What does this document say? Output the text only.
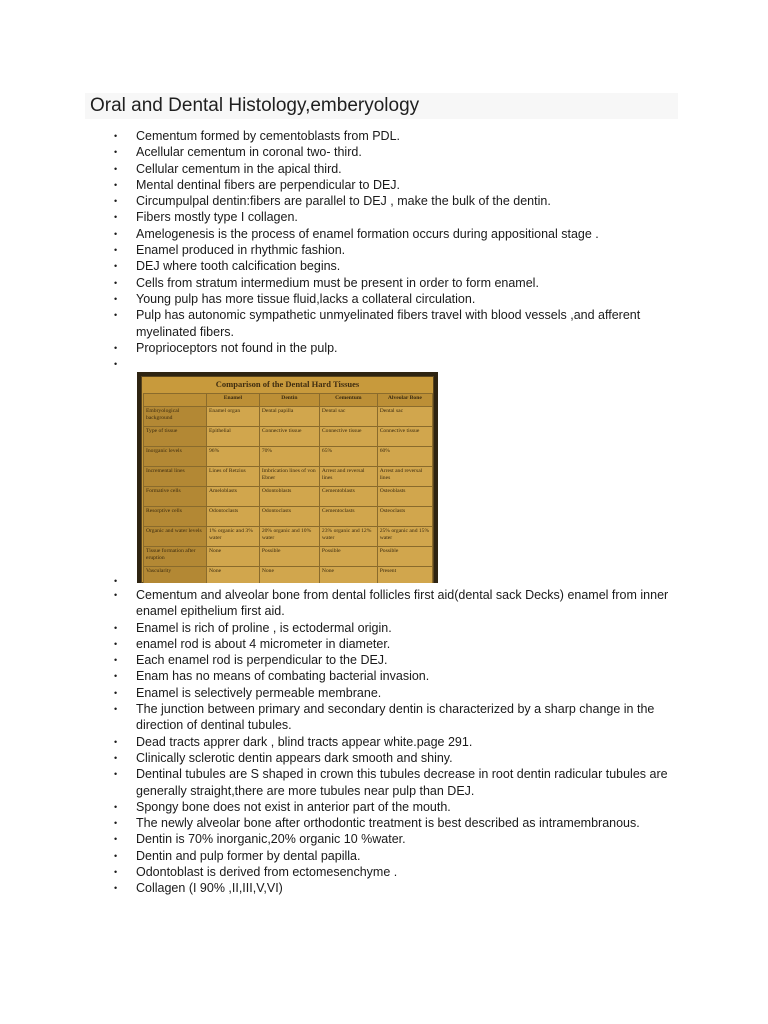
Oral and Dental Histology,emberyology
• Cementum formed by cementoblasts from PDL.
• Acellular cementum in coronal two- third.
• Cellular cementum in the apical third.
• Mental dentinal fibers are perpendicular to DEJ.
• Circumpulpal dentin:fibers are parallel to DEJ , make the bulk of the dentin.
• Fibers mostly type I collagen.
• Amelogenesis is the process of enamel formation occurs during appositional stage .
• Enamel produced in rhythmic fashion.
• DEJ where tooth calcification begins.
• Cells from stratum intermedium must be present in order to form enamel.
• Young pulp has more tissue fluid,lacks a collateral circulation.
• Pulp has autonomic sympathetic unmyelinated fibers travel with blood vessels ,and afferent myelinated fibers.
• Proprioceptors not found in the pulp.
•
Comparison of the Dental Hard Tissues
	Enamel	Dentin	Cementum	Alveolar Bone
Embryological background	Enamel organ	Dental papilla	Dental sac	Dental sac
Type of tissue	Epithelial	Connective tissue	Connective tissue	Connective tissue
Inorganic levels	96%	70%	65%	60%
Incremental lines	Lines of Retzius	Imbrication lines of von Ebner	Arrest and reversal lines	Arrest and reversal lines
Formative cells	Ameloblasts	Odontoblasts	Cementoblasts	Osteoblasts
Resorptive cells	Odontoclasts	Odontoclasts	Cementoclasts	Osteoclasts
Organic and water levels	1% organic and 3% water	20% organic and 10% water	23% organic and 12% water	25% organic and 15% water
Tissue formation after eruption	None	Possible	Possible	Possible
Vascularity	None	None	None	Present

•
• Cementum and alveolar bone from dental follicles first aid(dental sack Decks) enamel from inner enamel epithelium first aid.
• Enamel is rich of proline , is ectodermal origin.
• enamel rod is about 4 micrometer in diameter.
• Each enamel rod is perpendicular to the DEJ.
• Enam has no means of combating bacterial invasion.
• Enamel is selectively permeable membrane.
• The junction between primary and secondary dentin is characterized by a sharp change in the direction of dentinal tubules.
• Dead tracts apprer dark , blind tracts appear white.page 291.
• Clinically sclerotic dentin appears dark smooth and shiny.
• Dentinal tubules are S shaped in crown this tubules decrease in root dentin radicular tubules are generally straight,there are more tubules near pulp than DEJ.
• Spongy bone does not exist in anterior part of the mouth.
• The newly alveolar bone after orthodontic treatment is best described as intramembranous.
• Dentin is 70% inorganic,20% organic 10 %water.
• Dentin and pulp former by dental papilla.
• Odontoblast is derived from ectomesenchyme .
• Collagen (I 90% ,II,III,V,VI)
